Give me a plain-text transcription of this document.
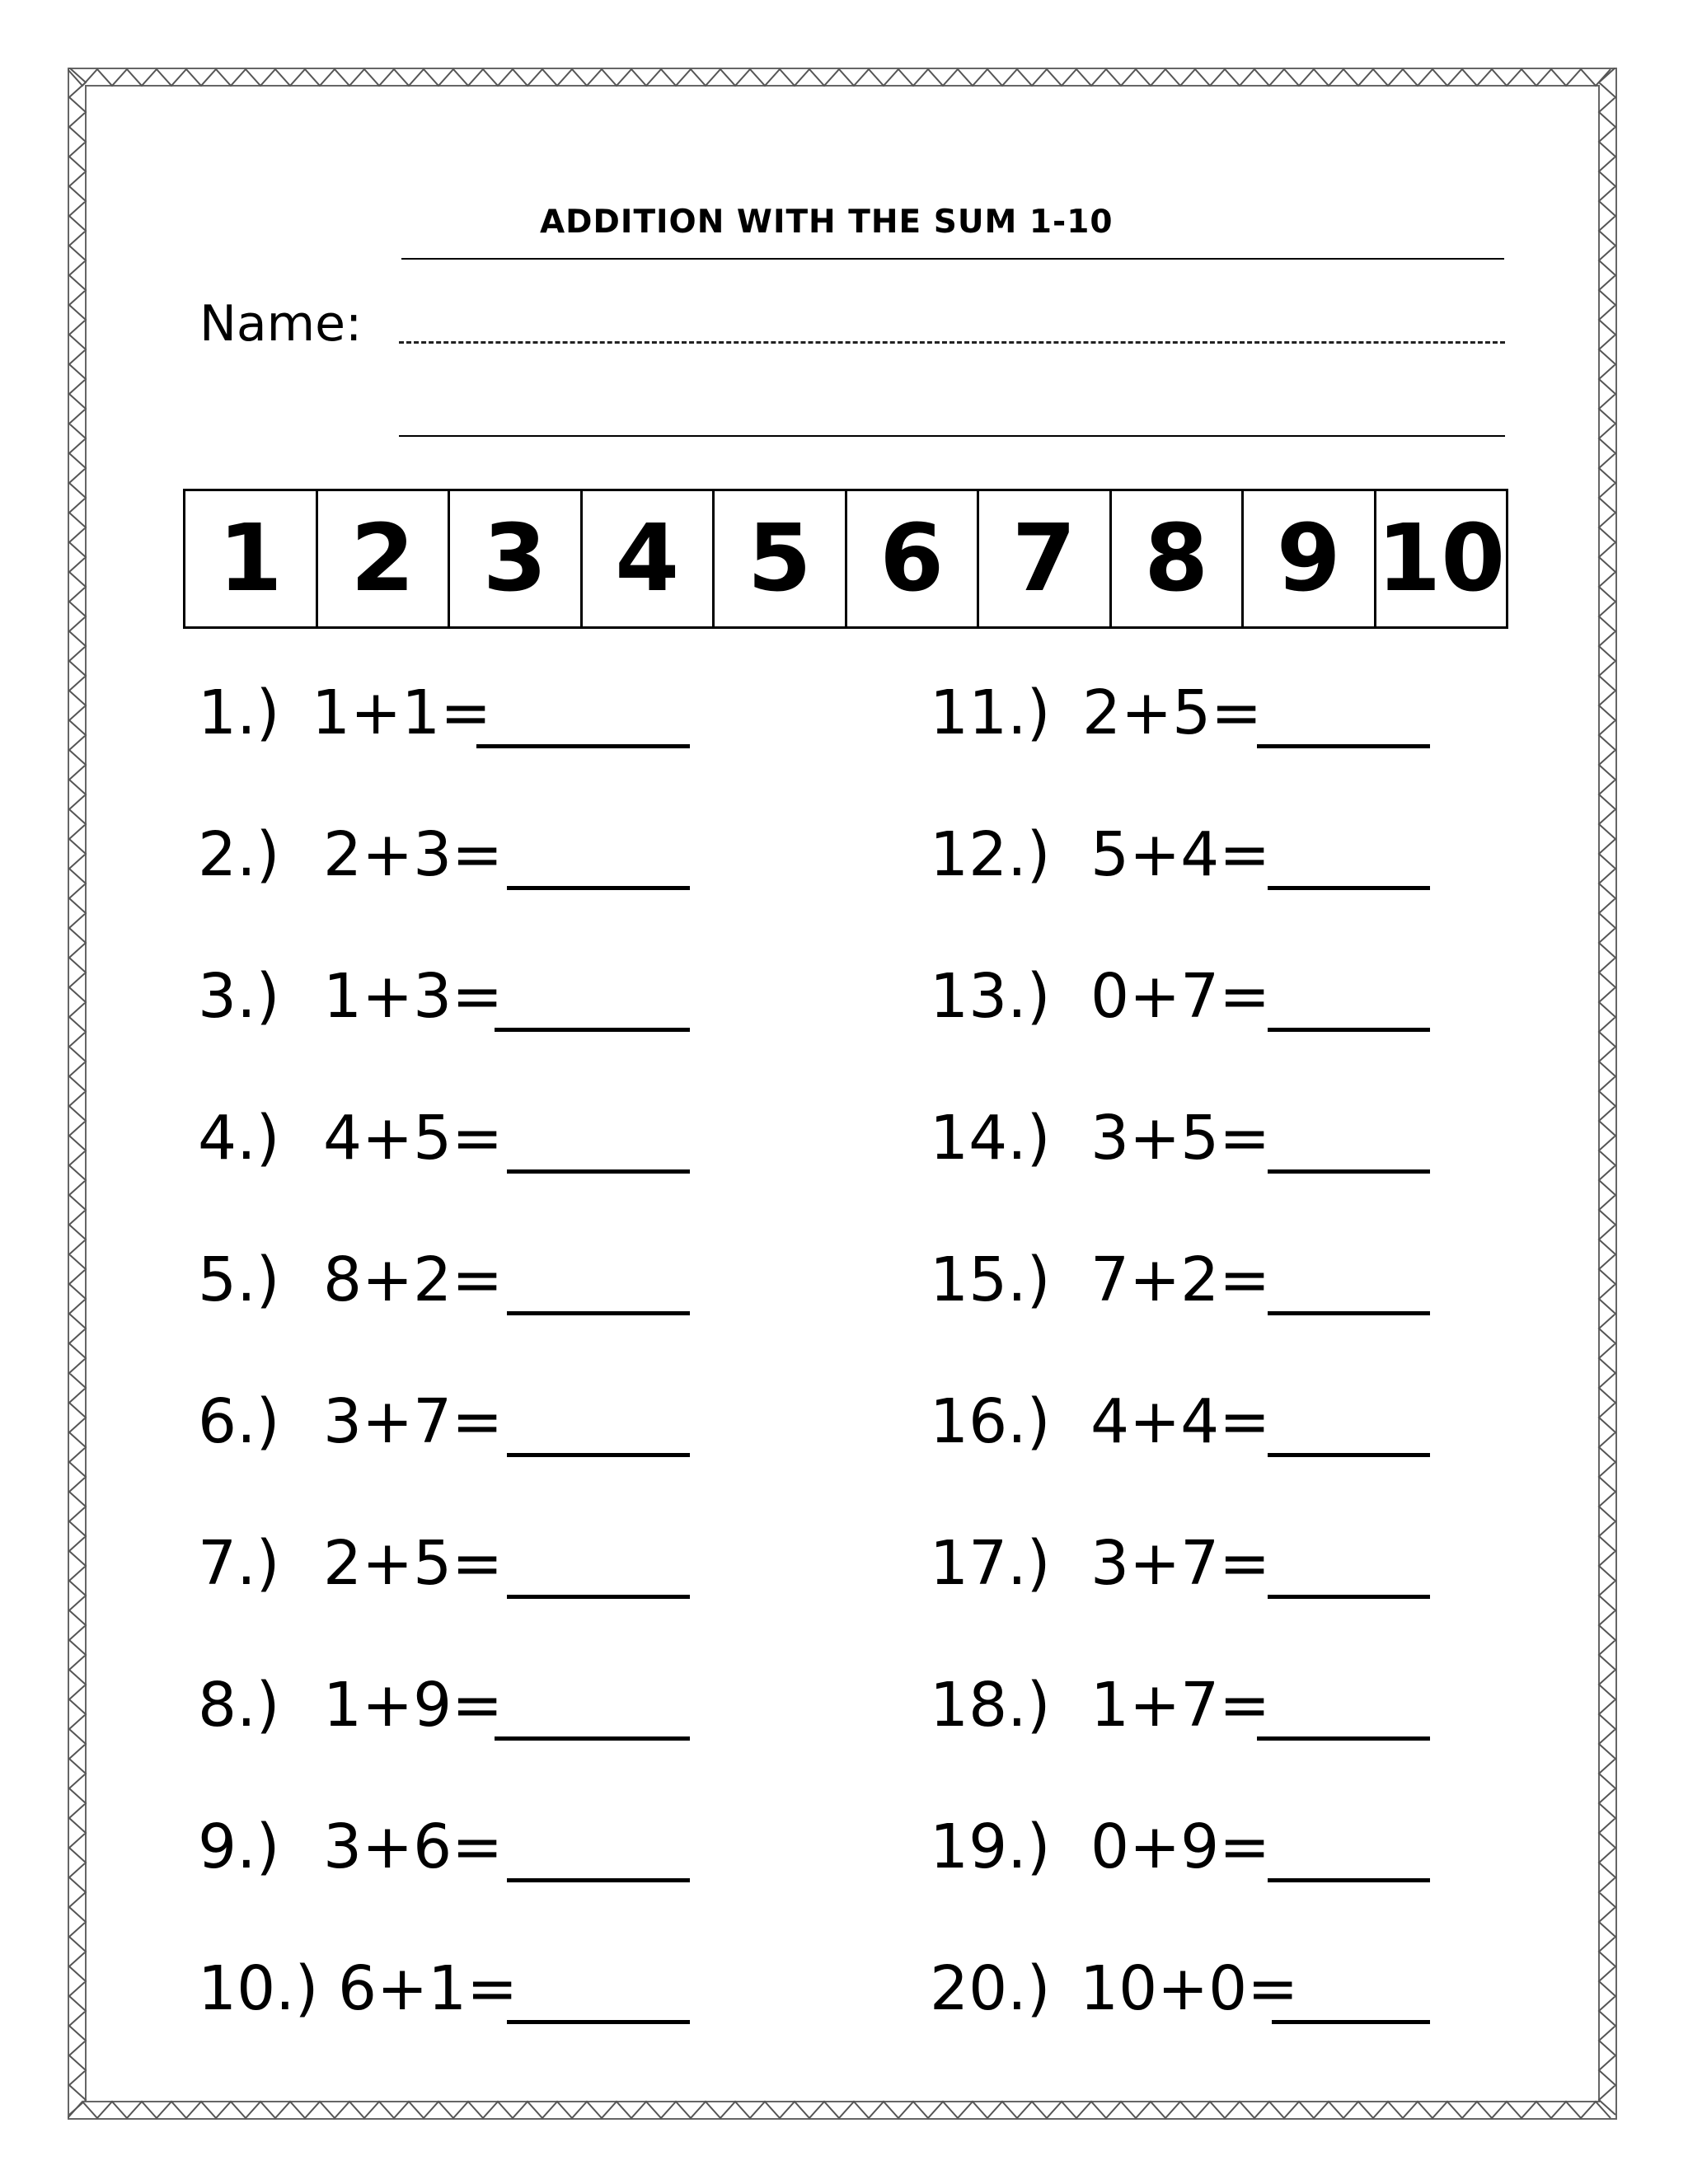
ADDITION WITH THE SUM 1-10
Name:
1 2 3 4 5 6 7 8 9 10
1.) 1+1=
2.) 2+3=
3.) 1+3=
4.) 4+5=
5.) 8+2=
6.) 3+7=
7.) 2+5=
8.) 1+9=
9.) 3+6=
10.) 6+1=
11.) 2+5=
12.) 5+4=
13.) 0+7=
14.) 3+5=
15.) 7+2=
16.) 4+4=
17.) 3+7=
18.) 1+7=
19.) 0+9=
20.) 10+0=
